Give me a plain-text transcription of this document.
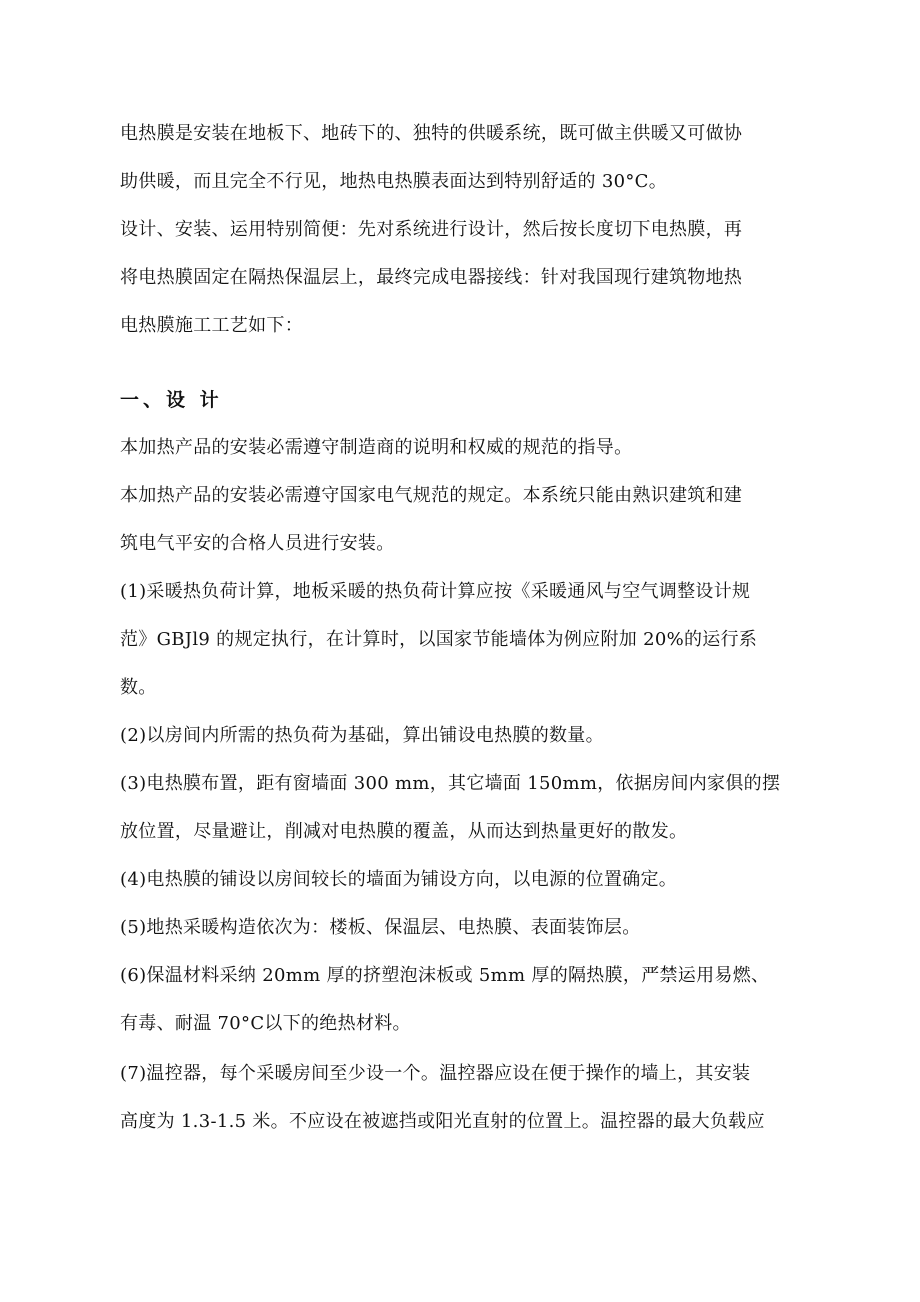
电热膜是安装在地板下、地砖下的、独特的供暖系统，既可做主供暖又可做协
助供暖，而且完全不行见，地热电热膜表面达到特别舒适的 30°C。
设计、安装、运用特别简便：先对系统进行设计，然后按长度切下电热膜，再
将电热膜固定在隔热保温层上，最终完成电器接线：针对我国现行建筑物地热
电热膜施工工艺如下：
一、设 计
本加热产品的安装必需遵守制造商的说明和权威的规范的指导。
本加热产品的安装必需遵守国家电气规范的规定。本系统只能由熟识建筑和建
筑电气平安的合格人员进行安装。
(1)采暖热负荷计算，地板采暖的热负荷计算应按《采暖通风与空气调整设计规
范》GBJl9 的规定执行，在计算时，以国家节能墙体为例应附加 20%的运行系
数。
(2)以房间内所需的热负荷为基础，算出铺设电热膜的数量。
(3)电热膜布置，距有窗墙面 300 mm，其它墙面 150mm，依据房间内家俱的摆
放位置，尽量避让，削减对电热膜的覆盖，从而达到热量更好的散发。
(4)电热膜的铺设以房间较长的墙面为铺设方向，以电源的位置确定。
(5)地热采暖构造依次为：楼板、保温层、电热膜、表面装饰层。
(6)保温材料采纳 20mm 厚的挤塑泡沫板或 5mm 厚的隔热膜，严禁运用易燃、
有毒、耐温 70°C以下的绝热材料。
(7)温控器，每个采暖房间至少设一个。温控器应设在便于操作的墙上，其安装
高度为 1.3-1.5 米。不应设在被遮挡或阳光直射的位置上。温控器的最大负载应
